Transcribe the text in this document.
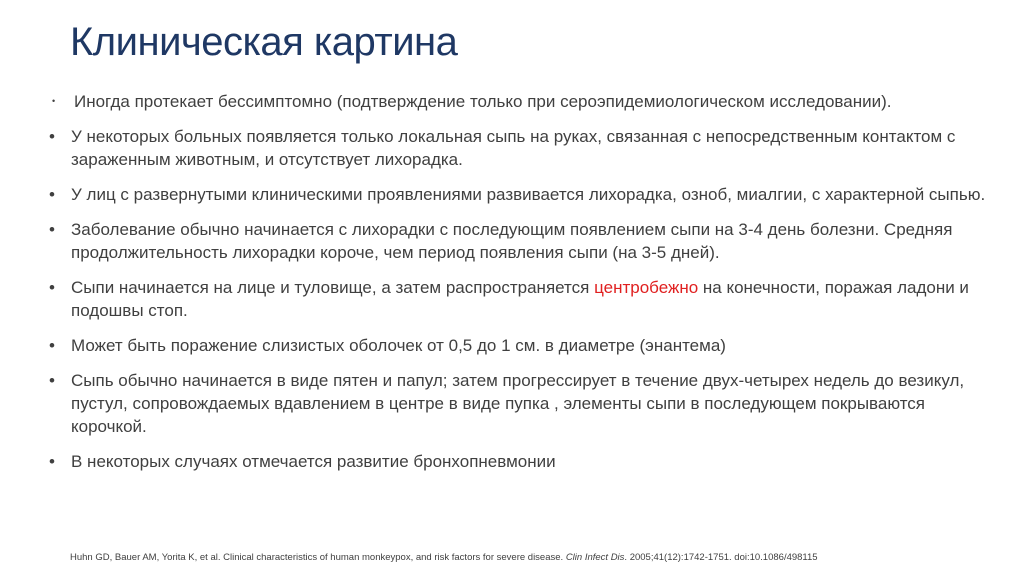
Клиническая картина
• Иногда протекает бессимптомно (подтверждение только при сероэпидемиологическом исследовании).
• У некоторых больных появляется только локальная сыпь на руках, связанная с непосредственным контактом с зараженным животным, и отсутствует лихорадка.
• У лиц с развернутыми клиническими проявлениями развивается лихорадка, озноб, миалгии, с характерной сыпью.
• Заболевание обычно начинается с лихорадки с последующим появлением сыпи на 3-4 день болезни. Средняя продолжительность лихорадки короче, чем период появления сыпи (на 3-5 дней).
• Сыпи начинается на лице и туловище, а затем распространяется центробежно на конечности, поражая ладони и подошвы стоп.
• Может быть поражение слизистых оболочек от 0,5 до 1 см. в диаметре (энантема)
• Сыпь обычно начинается в виде пятен и папул; затем прогрессирует в течение двух-четырех недель до везикул, пустул, сопровождаемых вдавлением в центре в виде пупка , элементы сыпи в последующем покрываются корочкой.
• В некоторых случаях отмечается развитие бронхопневмонии
Huhn GD, Bauer AM, Yorita K, et al. Clinical characteristics of human monkeypox, and risk factors for severe disease. Clin Infect Dis. 2005;41(12):1742-1751. doi:10.1086/498115
